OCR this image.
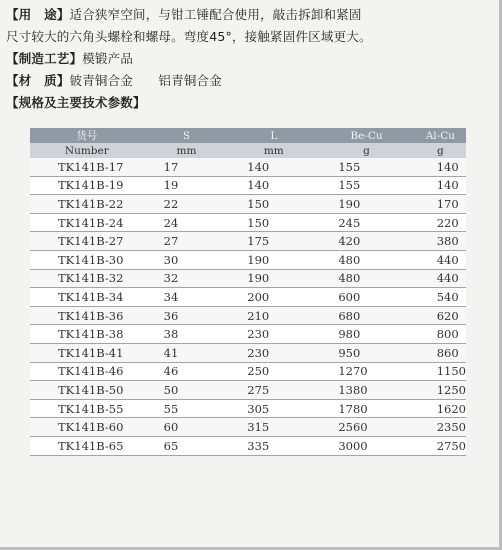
【用　途】适合狭窄空间，与钳工锤配合使用，敲击拆卸和紧固
尺寸较大的六角头螺栓和螺母。弯度45°，接触紧固件区域更大。
【制造工艺】模锻产品
【材　质】铍青铜合金　　铝青铜合金
【规格及主要技术参数】
货号	S	L	Be-Cu	Al-Cu
Number	mm	mm	g	g
TK141B-17	17	140	155	140
TK141B-19	19	140	155	140
TK141B-22	22	150	190	170
TK141B-24	24	150	245	220
TK141B-27	27	175	420	380
TK141B-30	30	190	480	440
TK141B-32	32	190	480	440
TK141B-34	34	200	600	540
TK141B-36	36	210	680	620
TK141B-38	38	230	980	800
TK141B-41	41	230	950	860
TK141B-46	46	250	1270	1150
TK141B-50	50	275	1380	1250
TK141B-55	55	305	1780	1620
TK141B-60	60	315	2560	2350
TK141B-65	65	335	3000	2750
